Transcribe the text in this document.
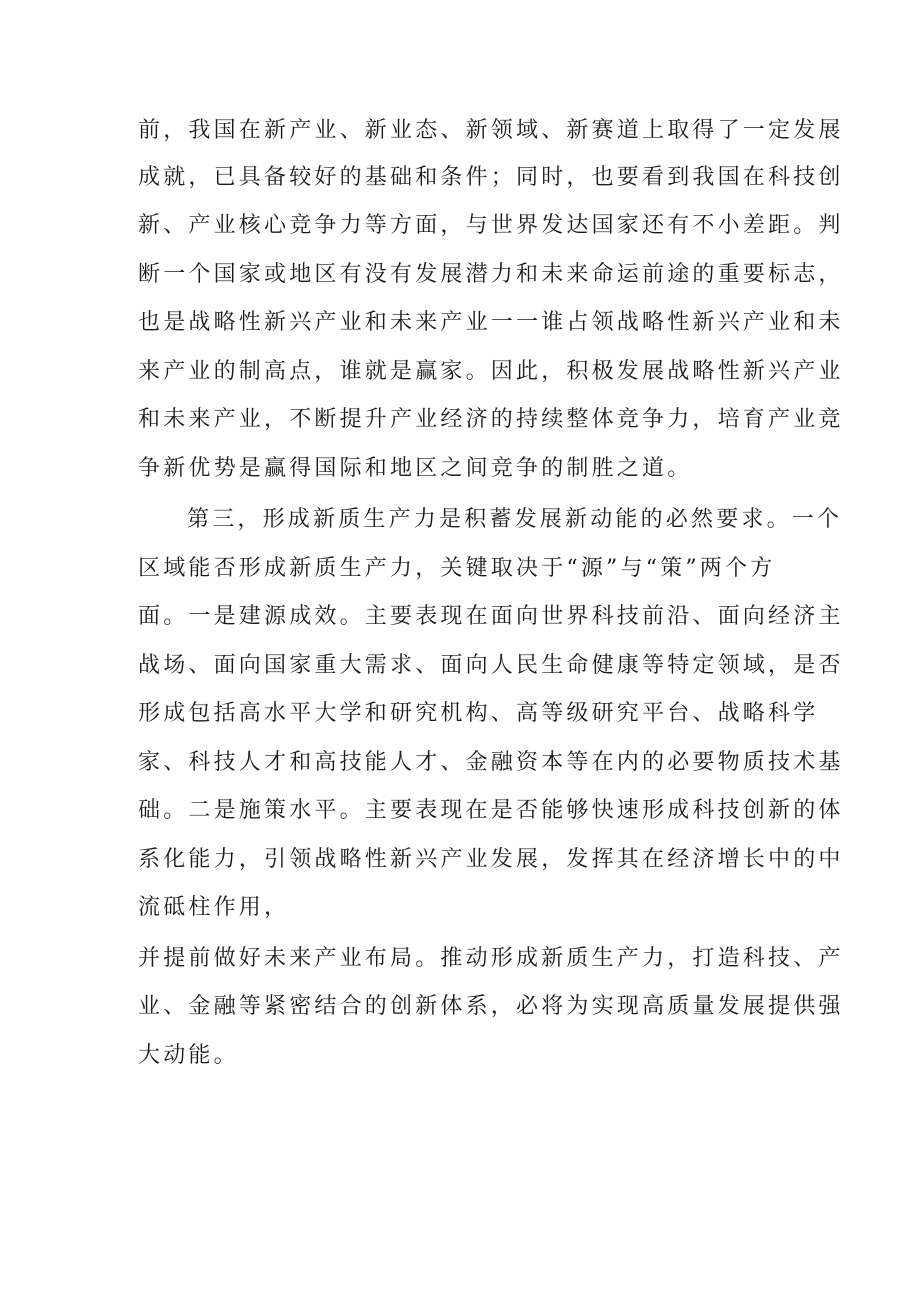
前，我国在新产业、新业态、新领域、新赛道上取得了一定发展
成就，已具备较好的基础和条件；同时，也要看到我国在科技创
新、产业核心竞争力等方面，与世界发达国家还有不小差距。判
断一个国家或地区有没有发展潜力和未来命运前途的重要标志，
也是战略性新兴产业和未来产业一一谁占领战略性新兴产业和未
来产业的制高点，谁就是赢家。因此，积极发展战略性新兴产业
和未来产业，不断提升产业经济的持续整体竞争力，培育产业竞
争新优势是赢得国际和地区之间竞争的制胜之道。
第三，形成新质生产力是积蓄发展新动能的必然要求。一个
区域能否形成新质生产力，关键取决于“源”与“策”两个方
面。一是建源成效。主要表现在面向世界科技前沿、面向经济主
战场、面向国家重大需求、面向人民生命健康等特定领域，是否
形成包括高水平大学和研究机构、高等级研究平台、战略科学
家、科技人才和高技能人才、金融资本等在内的必要物质技术基
础。二是施策水平。主要表现在是否能够快速形成科技创新的体
系化能力，引领战略性新兴产业发展，发挥其在经济增长中的中
流砥柱作用，
并提前做好未来产业布局。推动形成新质生产力，打造科技、产
业、金融等紧密结合的创新体系，必将为实现高质量发展提供强
大动能。
